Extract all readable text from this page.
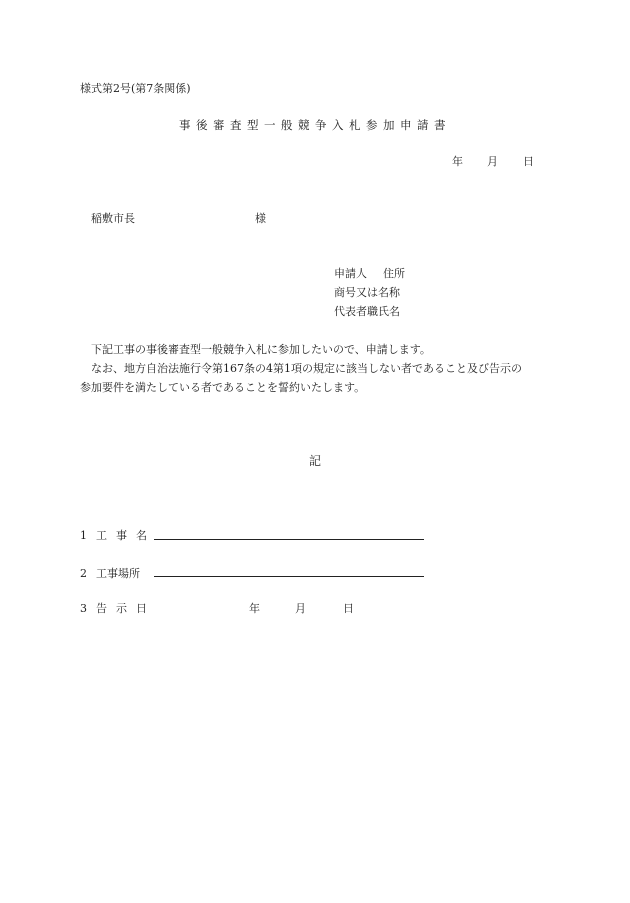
様式第2号(第7条関係)
事後審査型一般競争入札参加申請書
年 月 日
稲敷市長	様
申請人 住所
商号又は名称
代表者職氏名
下記工事の事後審査型一般競争入札に参加したいので、申請します。
なお、地方自治法施行令第167条の4第1項の規定に該当しない者であること及び告示の
参加要件を満たしている者であることを誓約いたします。
記
1 工事名
2 工事場所
3 告示日	年	月	日
